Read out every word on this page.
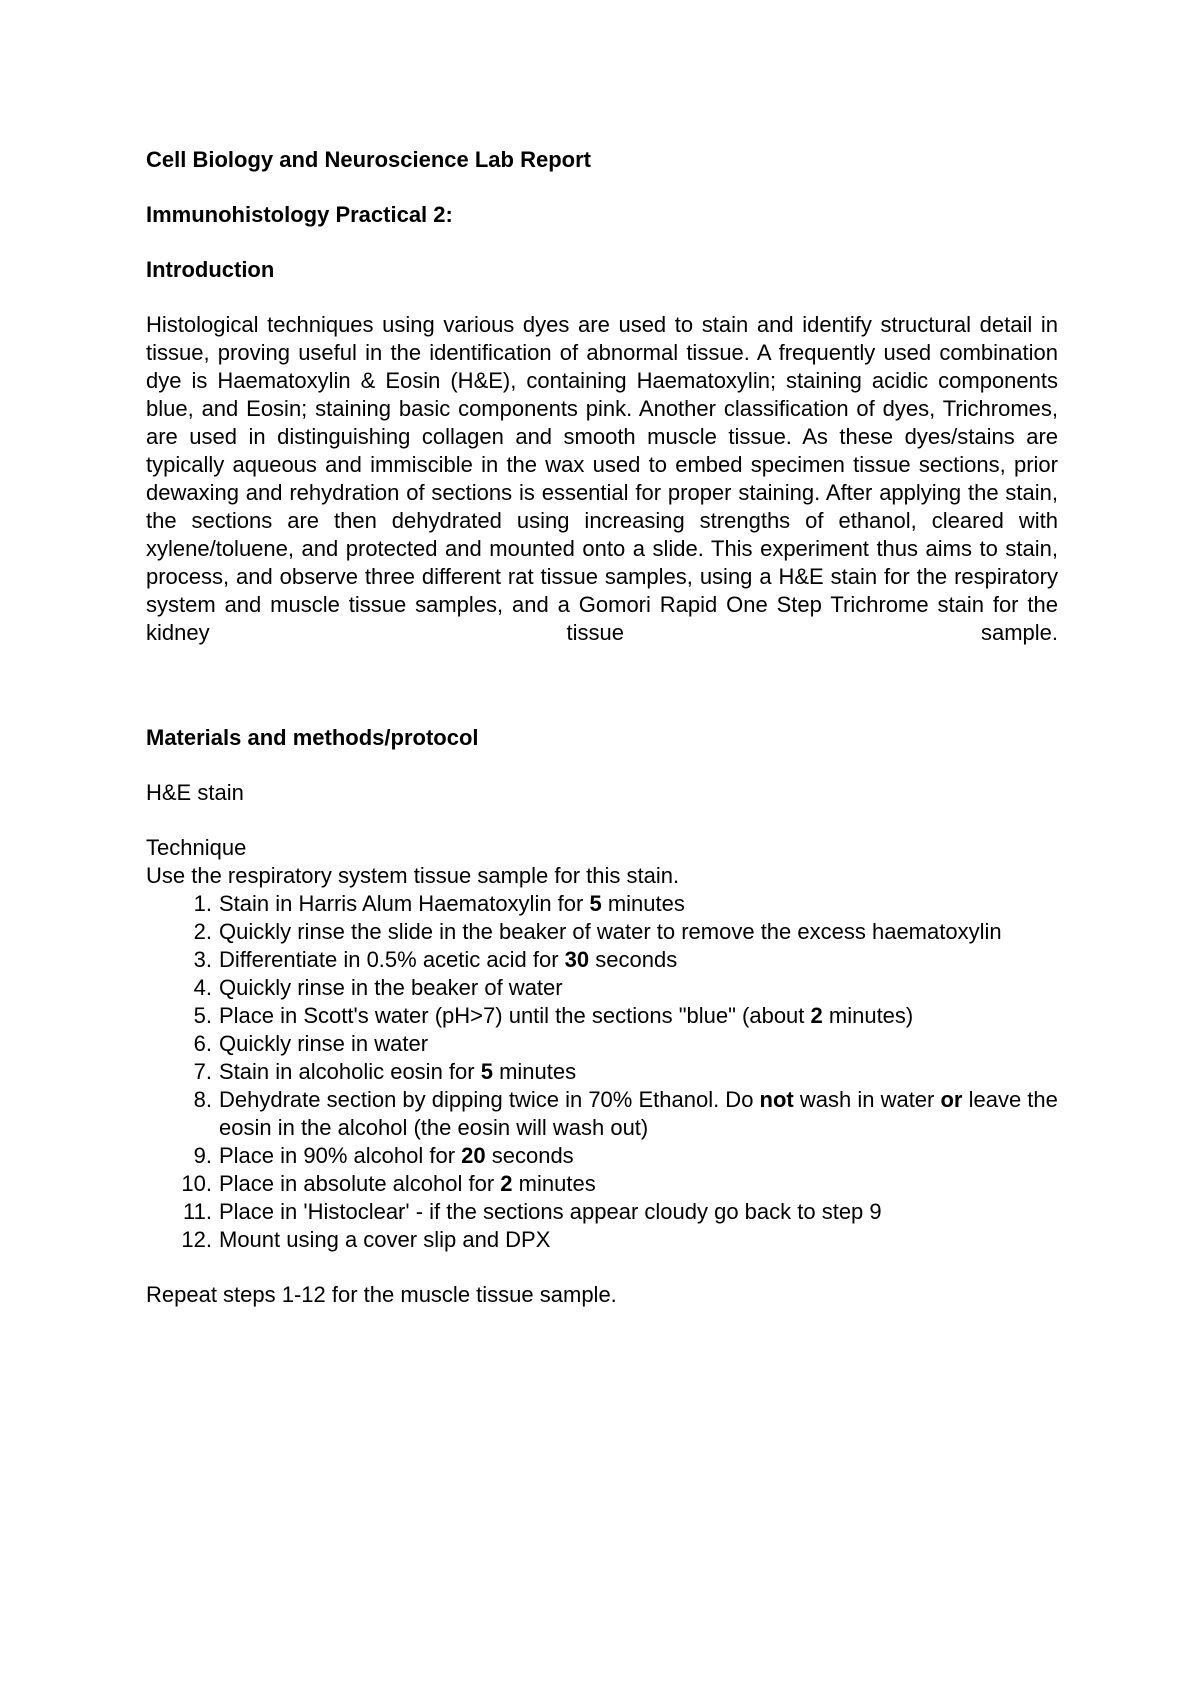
Cell Biology and Neuroscience Lab Report

Immunohistology Practical 2:

Introduction

Histological techniques using various dyes are used to stain and identify structural detail in tissue, proving useful in the identification of abnormal tissue. A frequently used combination dye is Haematoxylin & Eosin (H&E), containing Haematoxylin; staining acidic components blue, and Eosin; staining basic components pink. Another classification of dyes, Trichromes, are used in distinguishing collagen and smooth muscle tissue. As these dyes/stains are typically aqueous and immiscible in the wax used to embed specimen tissue sections, prior dewaxing and rehydration of sections is essential for proper staining. After applying the stain, the sections are then dehydrated using increasing strengths of ethanol, cleared with xylene/toluene, and protected and mounted onto a slide. This experiment thus aims to stain, process, and observe three different rat tissue samples, using a H&E stain for the respiratory system and muscle tissue samples, and a Gomori Rapid One Step Trichrome stain for the kidney tissue sample.

Materials and methods/protocol

H&E stain

Technique

Use the respiratory system tissue sample for this stain.

1. Stain in Harris Alum Haematoxylin for 5 minutes
2. Quickly rinse the slide in the beaker of water to remove the excess haematoxylin
3. Differentiate in 0.5% acetic acid for 30 seconds
4. Quickly rinse in the beaker of water
5. Place in Scott's water (pH>7) until the sections "blue" (about 2 minutes)
6. Quickly rinse in water
7. Stain in alcoholic eosin for 5 minutes
8. Dehydrate section by dipping twice in 70% Ethanol. Do not wash in water or leave the eosin in the alcohol (the eosin will wash out)
9. Place in 90% alcohol for 20 seconds
10. Place in absolute alcohol for 2 minutes
11. Place in 'Histoclear' - if the sections appear cloudy go back to step 9
12. Mount using a cover slip and DPX

Repeat steps 1-12 for the muscle tissue sample.
